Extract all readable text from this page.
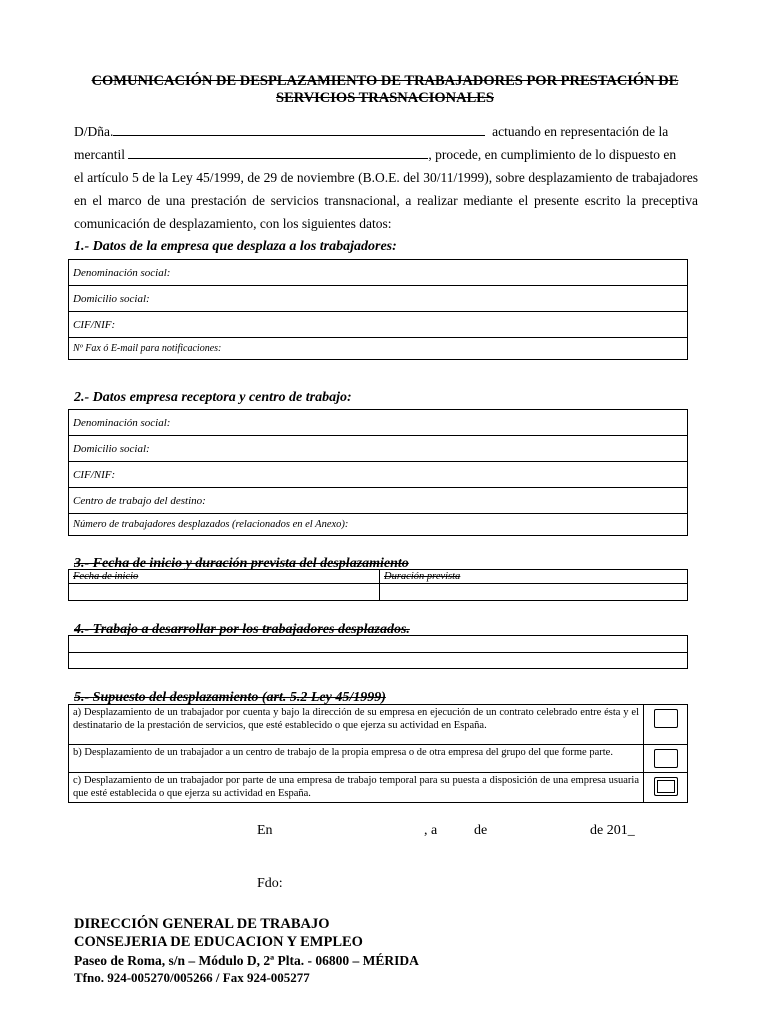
COMUNICACIÓN DE DESPLAZAMIENTO DE TRABAJADORES POR PRESTACIÓN DE SERVICIOS TRASNACIONALES

D/Dña.	actuando en representación de la

mercantil	, procede, en cumplimiento de lo dispuesto en

el artículo 5 de la Ley 45/1999, de 29 de noviembre (B.O.E. del 30/11/1999), sobre desplazamiento de trabajadores en el marco de una prestación de servicios transnacional, a realizar mediante el presente escrito la preceptiva comunicación de desplazamiento, con los siguientes datos:

1.- Datos de la empresa que desplaza a los trabajadores:
Denominación social:
Domicilio social:
CIF/NIF:
Nº Fax ó E-mail para notificaciones:
2.- Datos empresa receptora y centro de trabajo:
Denominación social:
Domicilio social:
CIF/NIF:
Centro de trabajo del destino:
Número de trabajadores desplazados (relacionados en el Anexo):
3.- Fecha de inicio y duración prevista del desplazamiento
Fecha de inicio	Duración prevista

4.- Trabajo a desarrollar por los trabajadores desplazados.

5.- Supuesto del desplazamiento (art. 5.2 Ley 45/1999)
a) Desplazamiento de un trabajador por cuenta y bajo la dirección de su empresa en ejecución de un contrato celebrado entre ésta y el destinatario de la prestación de servicios, que esté establecido o que ejerza su actividad en España.	

b) Desplazamiento de un trabajador a un centro de trabajo de la propia empresa o de otra empresa del grupo del que forme parte.	

c) Desplazamiento de un trabajador por parte de una empresa de trabajo temporal para su puesta a disposición de una empresa usuaria que esté establecida o que ejerza su actividad en España.	
En	, a	de	de 201_
Fdo:
DIRECCIÓN GENERAL DE TRABAJO
CONSEJERIA DE EDUCACION Y EMPLEO
Paseo de Roma, s/n – Módulo D, 2ª Plta. - 06800 – MÉRIDA
Tfno. 924-005270/005266 / Fax 924-005277
